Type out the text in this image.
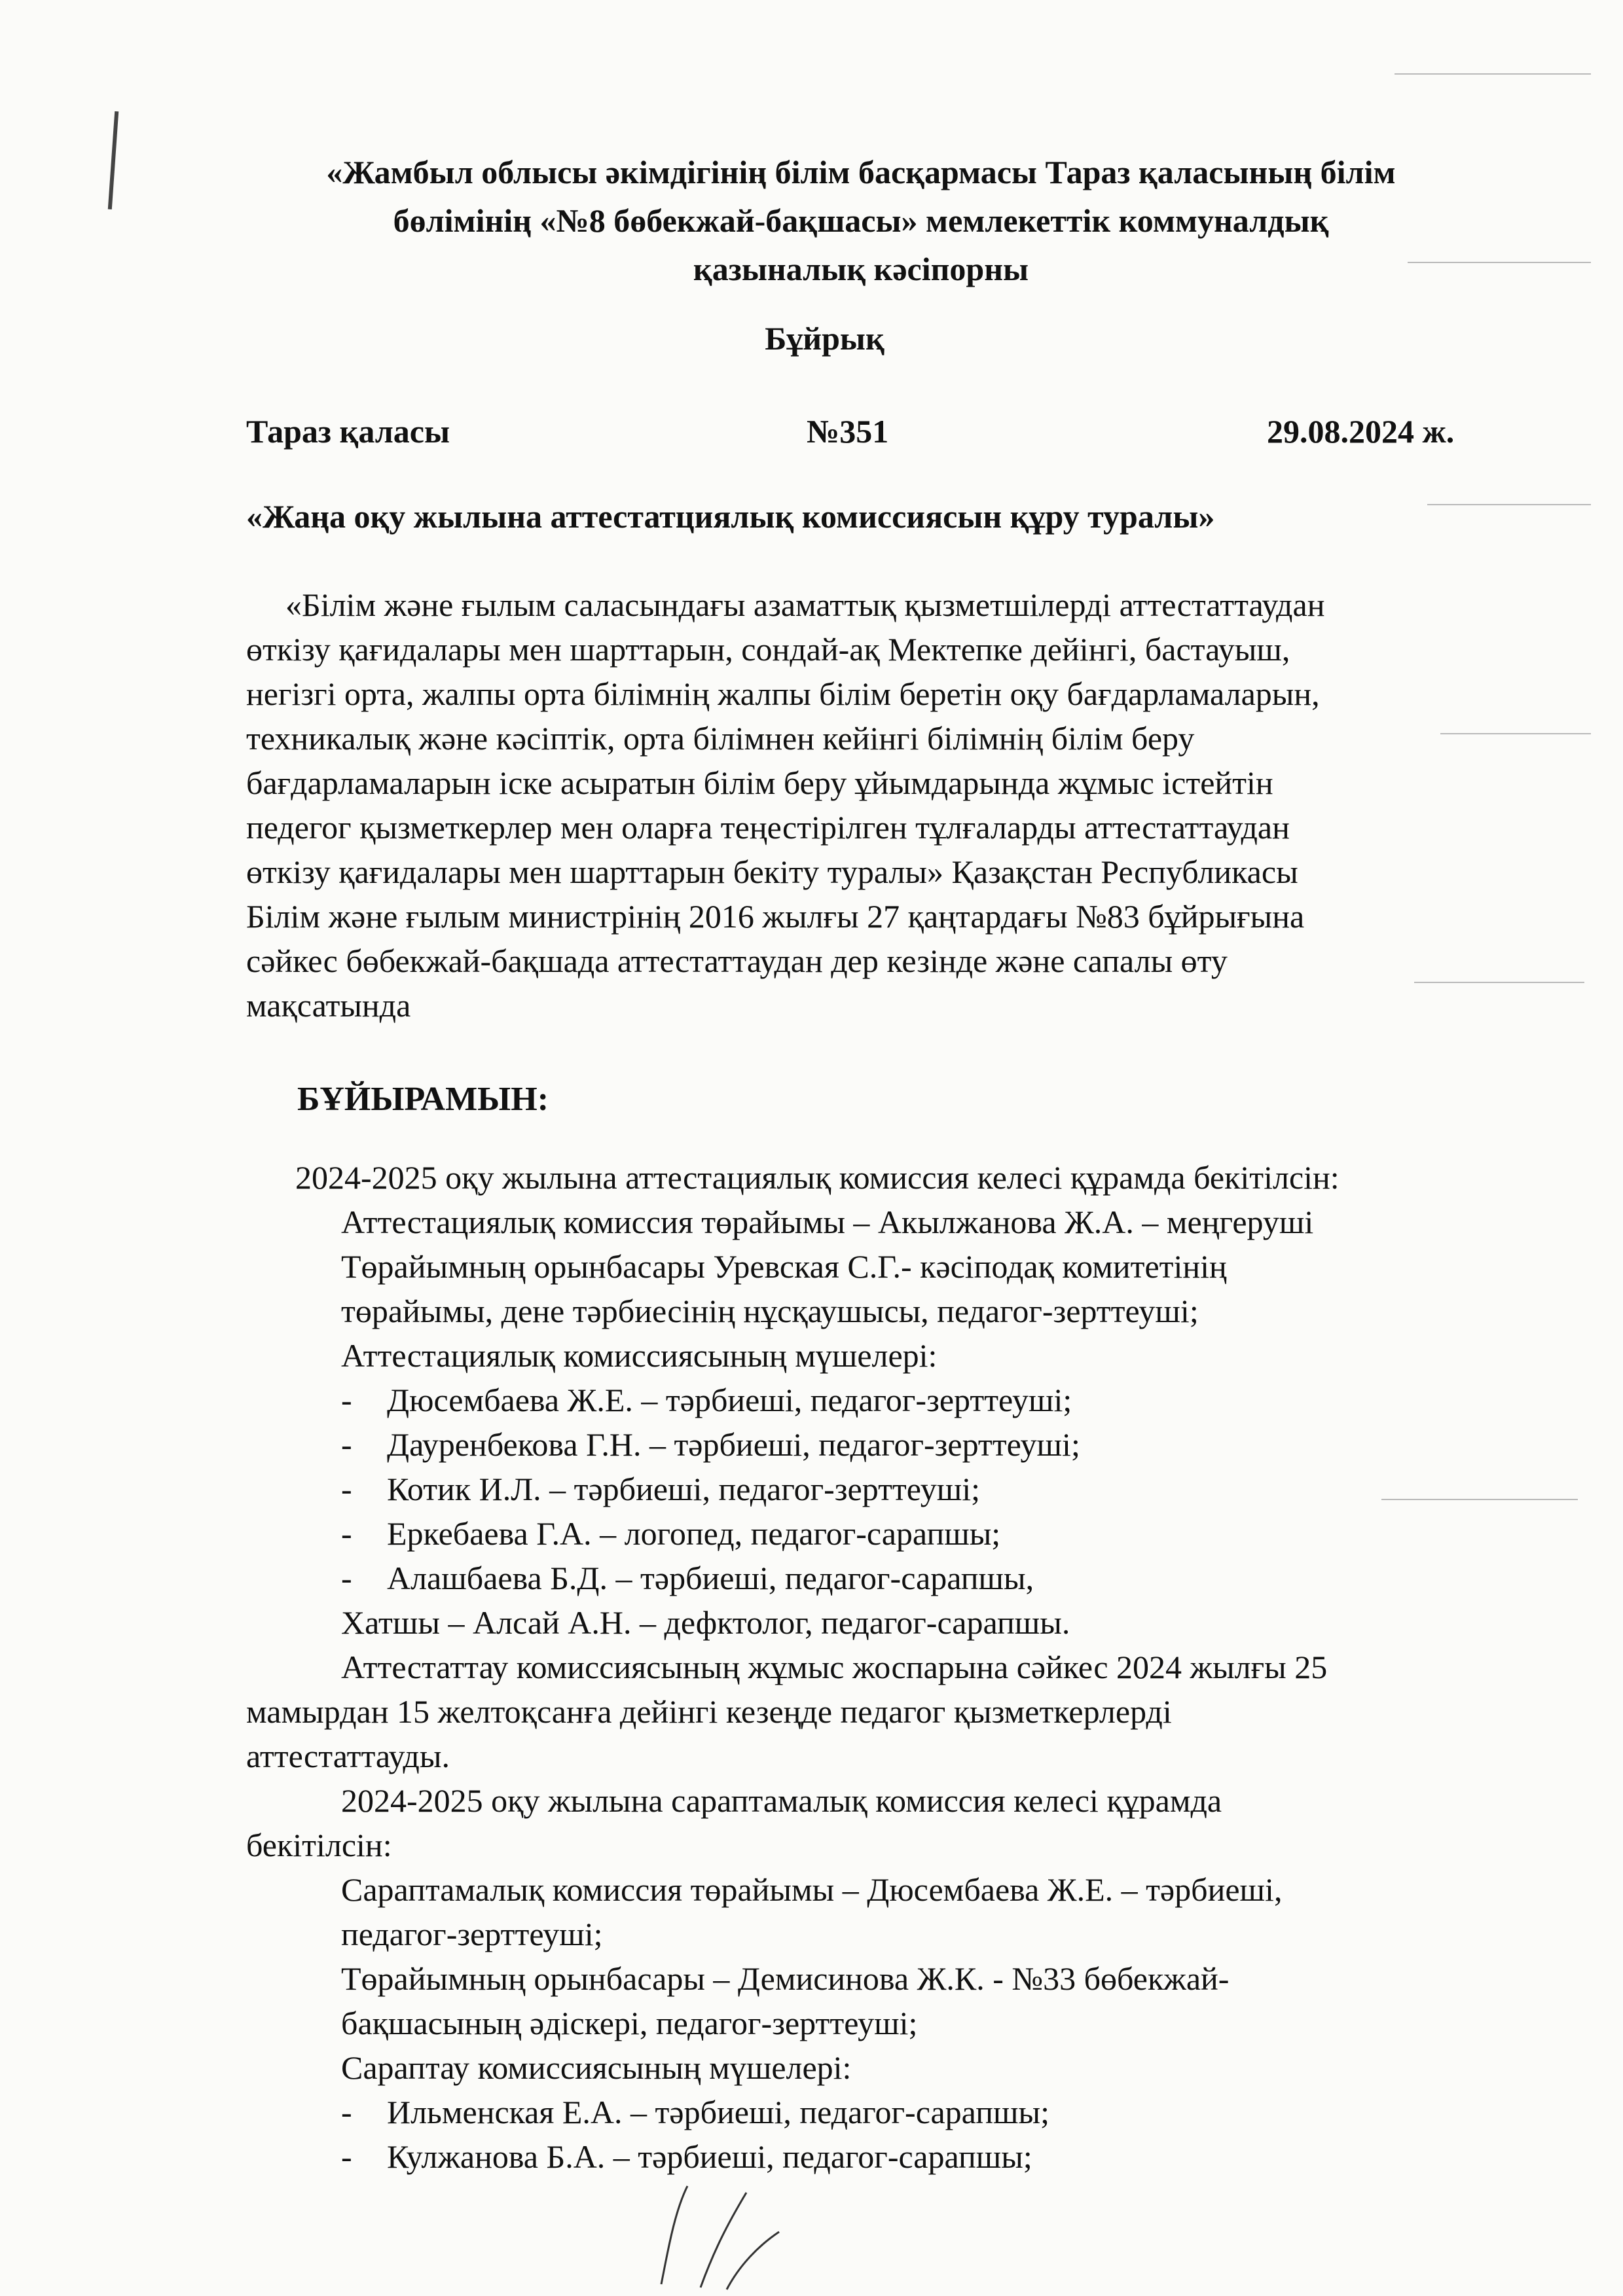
«Жамбыл облысы әкімдігінің білім басқармасы Тараз қаласының білім
бөлімінің «№8 бөбекжай-бақшасы» мемлекеттік коммуналдық
қазыналық кәсіпорны
Бұйрық
Тараз қаласы	№351	29.08.2024 ж.
«Жаңа оқу жылына аттестатциялық комиссиясын құру туралы»
«Білім және ғылым саласындағы азаматтық қызметшілерді аттестаттаудан
өткізу қағидалары мен шарттарын, сондай-ақ Мектепке дейінгі, бастауыш,
негізгі орта, жалпы орта білімнің жалпы білім беретін оқу бағдарламаларын,
техникалық және кәсіптік, орта білімнен кейінгі білімнің білім беру
бағдарламаларын іске асыратын білім беру ұйымдарында жұмыс істейтін
педегог қызметкерлер мен оларға теңестірілген тұлғаларды аттестаттаудан
өткізу қағидалары мен шарттарын бекіту туралы» Қазақстан Республикасы
Білім және ғылым министрінің 2016 жылғы 27 қаңтардағы №83 бұйрығына
сәйкес бөбекжай-бақшада аттестаттаудан дер кезінде және сапалы өту
мақсатында
БҰЙЫРАМЫН:
2024-2025 оқу жылына аттестациялық комиссия келесі құрамда бекітілсін:
Аттестациялық комиссия төрайымы – Акылжанова Ж.А. – меңгеруші
Төрайымның орынбасары Уревская С.Г.- кәсіподақ комитетінің
төрайымы, дене тәрбиесінің нұсқаушысы, педагог-зерттеуші;
Аттестациялық комиссиясының мүшелері:
- Дюсембаева Ж.Е. – тәрбиеші, педагог-зерттеуші;
- Дауренбекова Г.Н. – тәрбиеші, педагог-зерттеуші;
- Котик И.Л. – тәрбиеші, педагог-зерттеуші;
- Еркебаева Г.А. – логопед, педагог-сарапшы;
- Алашбаева Б.Д. – тәрбиеші, педагог-сарапшы,
Хатшы – Алсай А.Н. – дефктолог, педагог-сарапшы.
Аттестаттау комиссиясының жұмыс жоспарына сәйкес 2024 жылғы 25
мамырдан 15 желтоқсанға дейінгі кезеңде педагог қызметкерлерді
аттестаттауды.
2024-2025 оқу жылына сараптамалық комиссия келесі құрамда
бекітілсін:
Сараптамалық комиссия төрайымы – Дюсембаева Ж.Е. – тәрбиеші,
педагог-зерттеуші;
Төрайымның орынбасары – Демисинова Ж.К. - №33 бөбекжай-
бақшасының әдіскері, педагог-зерттеуші;
Сараптау комиссиясының мүшелері:
- Ильменская Е.А. – тәрбиеші, педагог-сарапшы;
- Кулжанова Б.А. – тәрбиеші, педагог-сарапшы;
